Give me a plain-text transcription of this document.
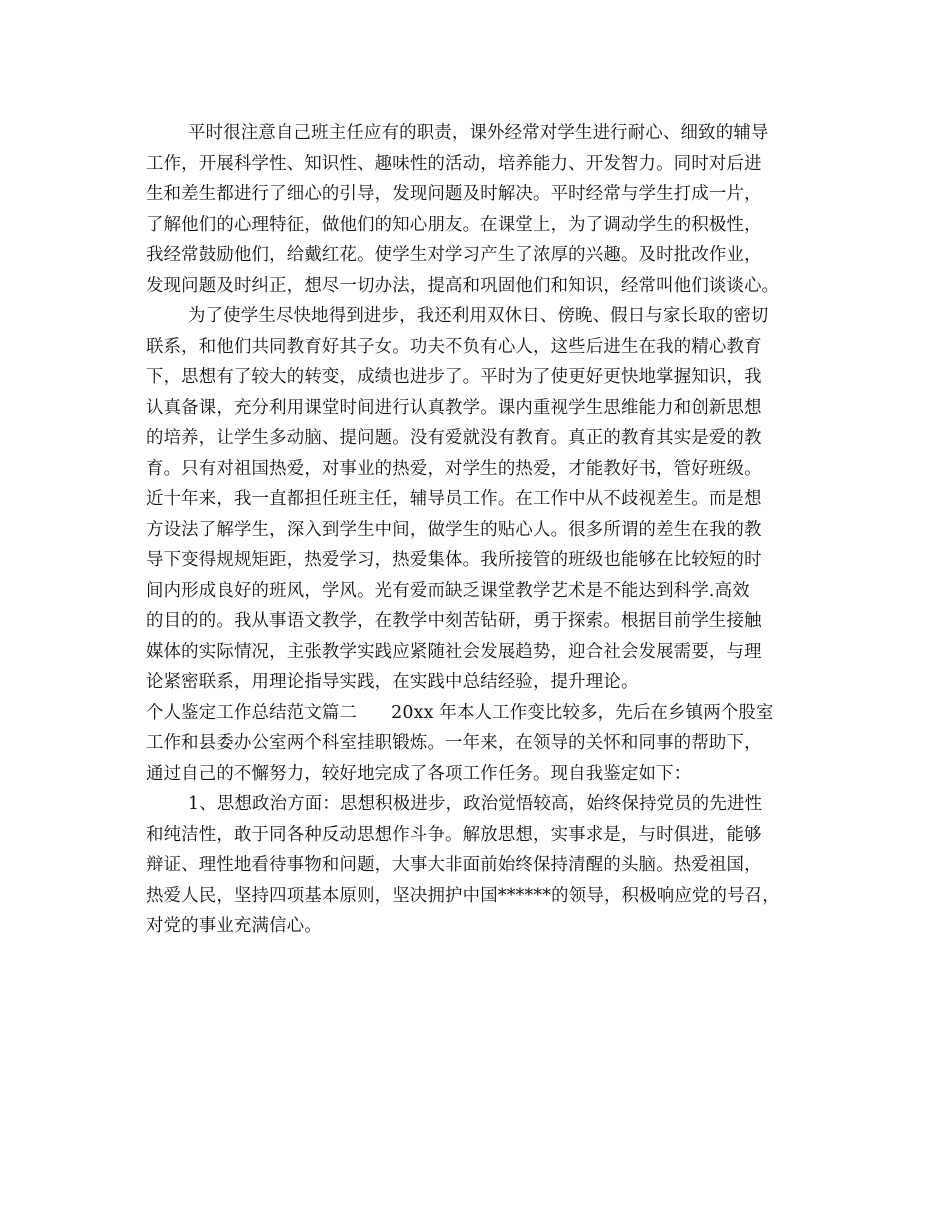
平时很注意自己班主任应有的职责，课外经常对学生进行耐心、细致的辅导
工作，开展科学性、知识性、趣味性的活动，培养能力、开发智力。同时对后进
生和差生都进行了细心的引导，发现问题及时解决。平时经常与学生打成一片，
了解他们的心理特征，做他们的知心朋友。在课堂上，为了调动学生的积极性，
我经常鼓励他们，给戴红花。使学生对学习产生了浓厚的兴趣。及时批改作业，
发现问题及时纠正，想尽一切办法，提高和巩固他们和知识，经常叫他们谈谈心。
为了使学生尽快地得到进步，我还利用双休日、傍晚、假日与家长取的密切
联系，和他们共同教育好其子女。功夫不负有心人，这些后进生在我的精心教育
下，思想有了较大的转变，成绩也进步了。平时为了使更好更快地掌握知识，我
认真备课，充分利用课堂时间进行认真教学。课内重视学生思维能力和创新思想
的培养，让学生多动脑、提问题。没有爱就没有教育。真正的教育其实是爱的教
育。只有对祖国热爱，对事业的热爱，对学生的热爱，才能教好书，管好班级。
近十年来，我一直都担任班主任，辅导员工作。在工作中从不歧视差生。而是想
方设法了解学生，深入到学生中间，做学生的贴心人。很多所谓的差生在我的教
导下变得规规矩距，热爱学习，热爱集体。我所接管的班级也能够在比较短的时
间内形成良好的班风，学风。光有爱而缺乏课堂教学艺术是不能达到科学.高效
的目的的。我从事语文教学，在教学中刻苦钻研，勇于探索。根据目前学生接触
媒体的实际情况，主张教学实践应紧随社会发展趋势，迎合社会发展需要，与理
论紧密联系，用理论指导实践，在实践中总结经验，提升理论。
个人鉴定工作总结范文篇二 20xx 年本人工作变比较多，先后在乡镇两个股室
工作和县委办公室两个科室挂职锻炼。一年来，在领导的关怀和同事的帮助下，
通过自己的不懈努力，较好地完成了各项工作任务。现自我鉴定如下：
1、思想政治方面：思想积极进步，政治觉悟较高，始终保持党员的先进性
和纯洁性，敢于同各种反动思想作斗争。解放思想，实事求是，与时俱进，能够
辩证、理性地看待事物和问题，大事大非面前始终保持清醒的头脑。热爱祖国，
热爱人民，坚持四项基本原则，坚决拥护中国******的领导，积极响应党的号召，
对党的事业充满信心。
